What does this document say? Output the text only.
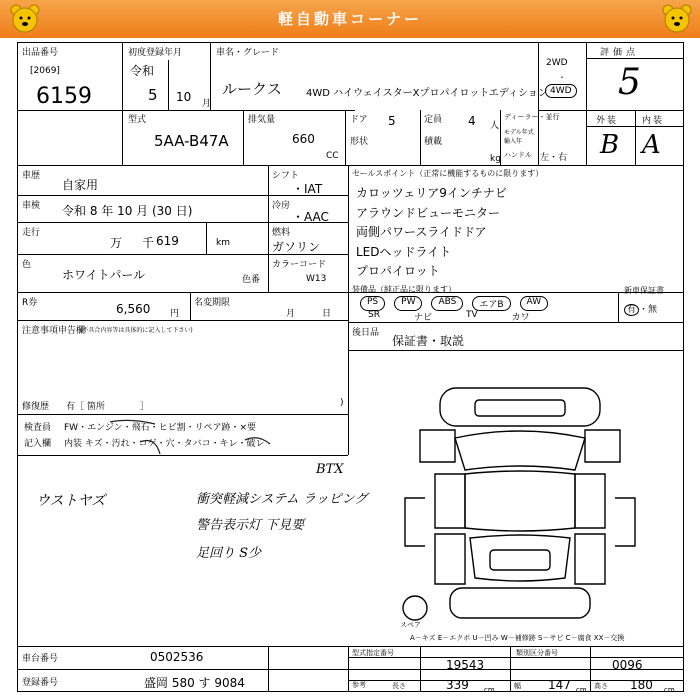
軽自動車コーナー
出品番号
[2069]
6159
初度登録年月
令和
5 10 月
車名・グレード
ルークス 4WD ハイウェイスターXプロパイロットエディション
2WD
・
4WD
評価点
5
型式
5AA-B47A
排気量
660
CC
ドア 5
形状
定員 4 人
積載
kg
ディーラー・並行
モデル年式
輸入年
ハンドル 左・右
外装	内装
B A
車歴
自家用
車検 令和 8 年 10 月 (30 日)
走行
万 千 619	km
色
ホワイトパール	色番
R券	6,560 円
名変期限
月	日
シフト
・IAT
冷房
・AAC
燃料
ガソリン
カラーコード
W13
セールスポイント（正常に機能するものに限ります）
カロッツェリア9インチナビ
アラウンドビューモニター
両側パワースライドドア
LEDヘッドライト
プロパイロット
装備品（純正品に限ります）
PS	PW	ABS	エアB	AW
SR	ナビ	TV	カワ
新車保証書
有 ・無
注意事項申告欄
(不具合内容等は具体的に記入して下さい)	後日品
保証書・取説
修復歴 有［ 箇所	］	)
検査員
記入欄
FW・エンジン・飛石・ヒビ割・リペア跡・×要
内装 キズ・汚れ・コゲ・穴・タバコ・キレ・破レ
ウストヤズ
BTX
衝突軽減システム ラッピング
警告表示灯 下見要
足回り S少
スペア
A－キズ E－エクボ U－凹み W－補修跡 S－サビ C－腐食 XX－交換
車台番号	0502536
登録番号	盛岡 580 す 9084
型式指定番号
19543
類別区分番号
0096
参考	長さ	339 cm	幅 147 cm 高さ 180 cm
